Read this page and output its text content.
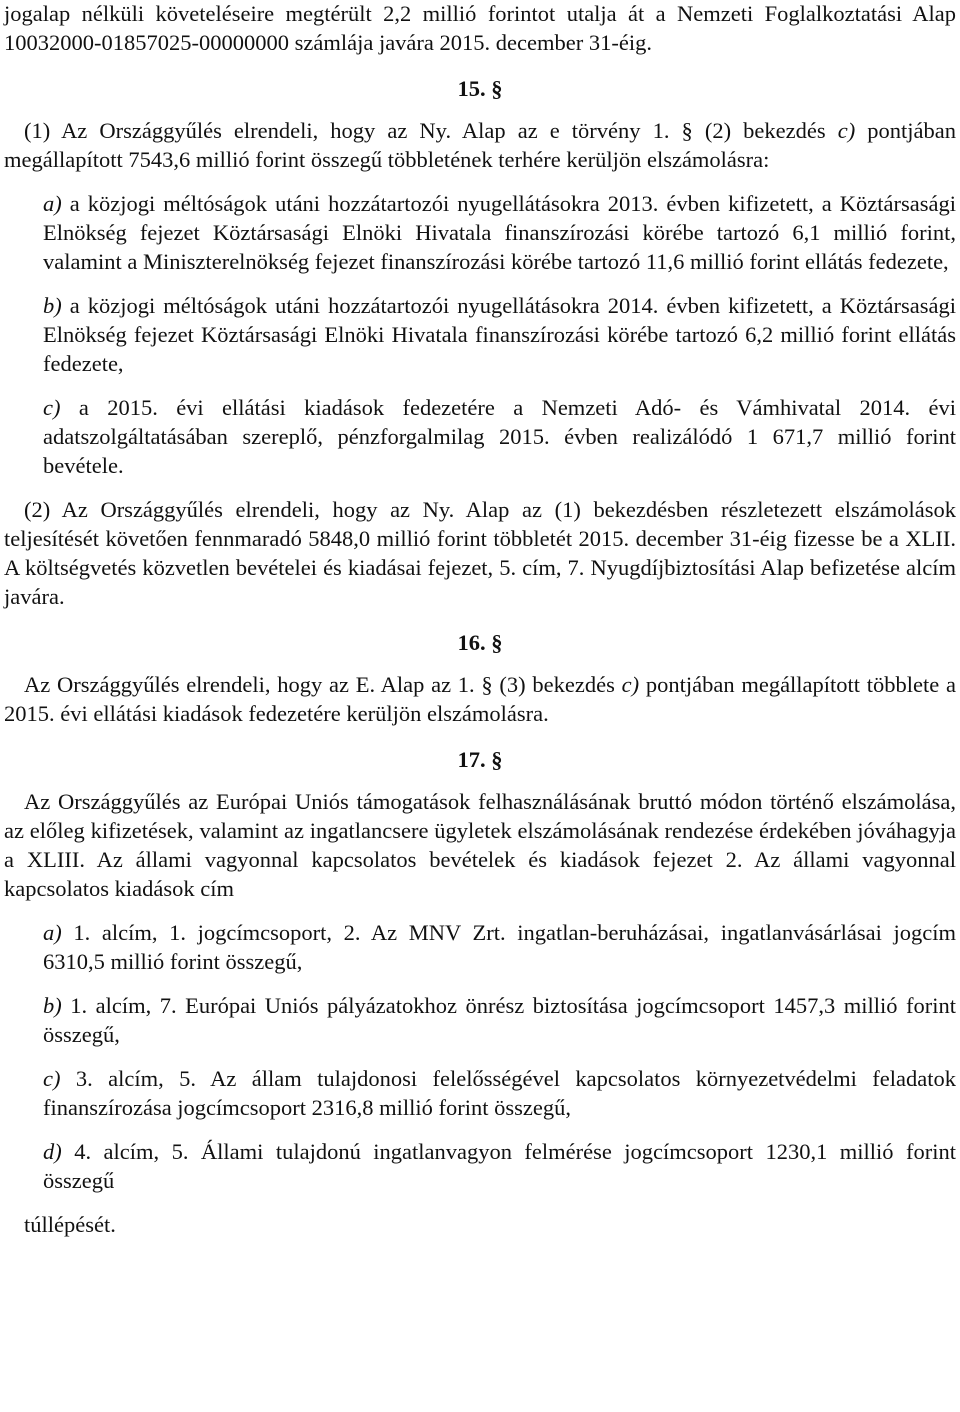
jogalap nélküli követeléseire megtérült 2,2 millió forintot utalja át a Nemzeti Foglalkoztatási Alap 10032000-01857025-00000000 számlája javára 2015. december 31-éig.

15. §

(1) Az Országgyűlés elrendeli, hogy az Ny. Alap az e törvény 1. § (2) bekezdés c) pontjában megállapított 7543,6 millió forint összegű többletének terhére kerüljön elszámolásra:

a) a közjogi méltóságok utáni hozzátartozói nyugellátásokra 2013. évben kifizetett, a Köztársasági Elnökség fejezet Köztársasági Elnöki Hivatala finanszírozási körébe tartozó 6,1 millió forint, valamint a Miniszterelnökség fejezet finanszírozási körébe tartozó 11,6 millió forint ellátás fedezete,

b) a közjogi méltóságok utáni hozzátartozói nyugellátásokra 2014. évben kifizetett, a Köztársasági Elnökség fejezet Köztársasági Elnöki Hivatala finanszírozási körébe tartozó 6,2 millió forint ellátás fedezete,

c) a 2015. évi ellátási kiadások fedezetére a Nemzeti Adó- és Vámhivatal 2014. évi adatszolgáltatásában szereplő, pénzforgalmilag 2015. évben realizálódó 1 671,7 millió forint bevétele.

(2) Az Országgyűlés elrendeli, hogy az Ny. Alap az (1) bekezdésben részletezett elszámolások teljesítését követően fennmaradó 5848,0 millió forint többletét 2015. december 31-éig fizesse be a XLII. A költségvetés közvetlen bevételei és kiadásai fejezet, 5. cím, 7. Nyugdíjbiztosítási Alap befizetése alcím javára.

16. §

Az Országgyűlés elrendeli, hogy az E. Alap az 1. § (3) bekezdés c) pontjában megállapított többlete a 2015. évi ellátási kiadások fedezetére kerüljön elszámolásra.

17. §

Az Országgyűlés az Európai Uniós támogatások felhasználásának bruttó módon történő elszámolása, az előleg kifizetések, valamint az ingatlancsere ügyletek elszámolásának rendezése érdekében jóváhagyja a XLIII. Az állami vagyonnal kapcsolatos bevételek és kiadások fejezet 2. Az állami vagyonnal kapcsolatos kiadások cím

a) 1. alcím, 1. jogcímcsoport, 2. Az MNV Zrt. ingatlan-beruházásai, ingatlanvásárlásai jogcím 6310,5 millió forint összegű,

b) 1. alcím, 7. Európai Uniós pályázatokhoz önrész biztosítása jogcímcsoport 1457,3 millió forint összegű,

c) 3. alcím, 5. Az állam tulajdonosi felelősségével kapcsolatos környezetvédelmi feladatok finanszírozása jogcímcsoport 2316,8 millió forint összegű,

d) 4. alcím, 5. Állami tulajdonú ingatlanvagyon felmérése jogcímcsoport 1230,1 millió forint összegű

túllépését.
